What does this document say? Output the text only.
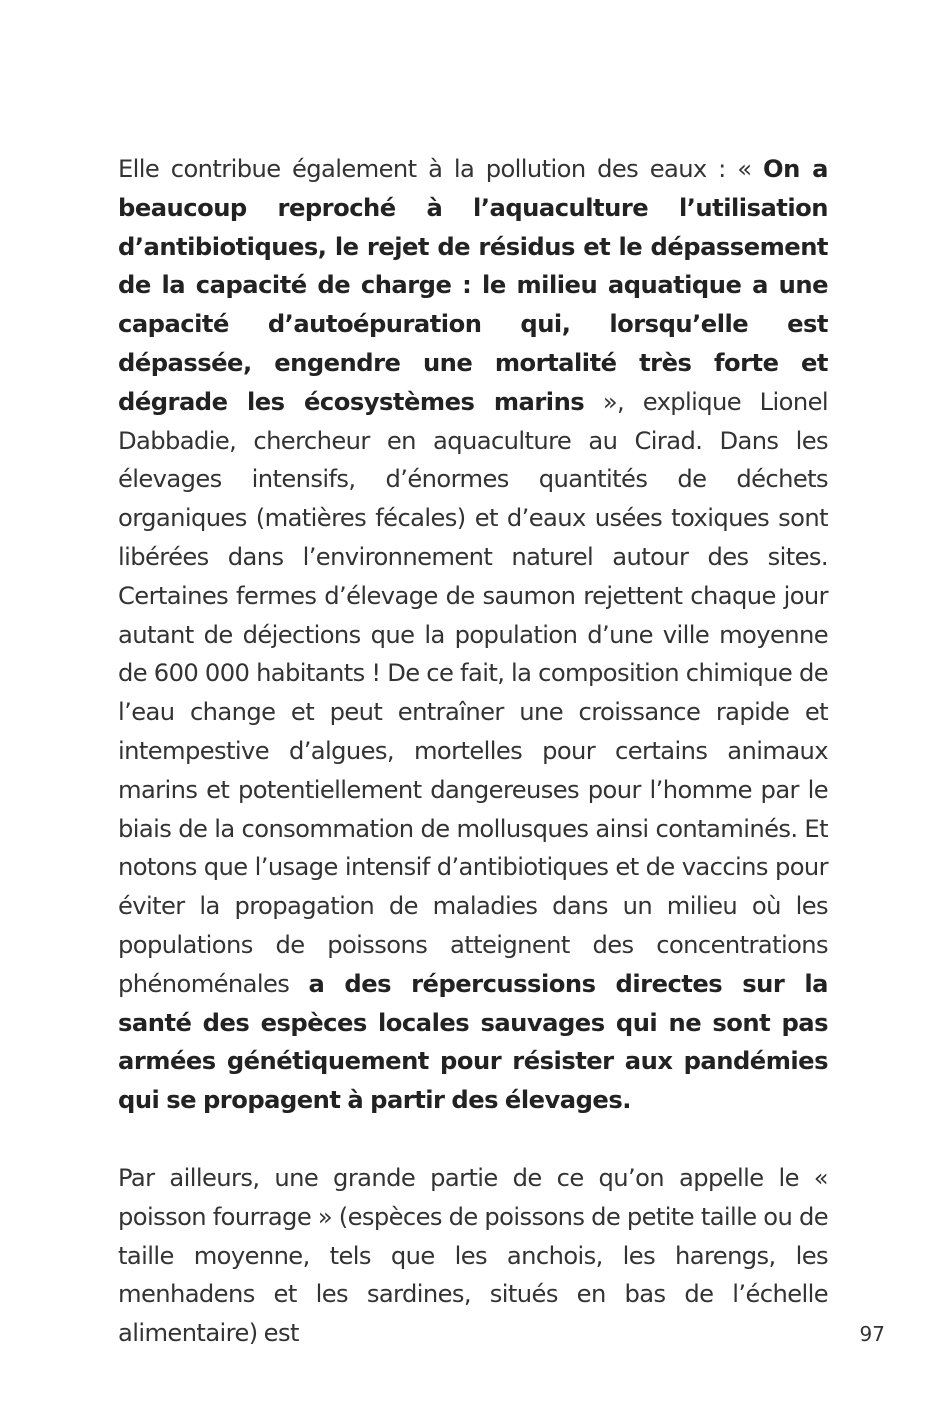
Elle contribue également à la pollution des eaux : « On a beaucoup reproché à l’aquaculture l’utilisation d’antibiotiques, le rejet de résidus et le dépassement de la capacité de charge : le milieu aquatique a une capacité d’autoépuration qui, lorsqu’elle est dépassée, engendre une mortalité très forte et dégrade les écosystèmes marins », explique Lionel Dabbadie, chercheur en aquaculture au Cirad. Dans les élevages intensifs, d’énormes quantités de déchets organiques (matières fécales) et d’eaux usées toxiques sont libérées dans l’environnement naturel autour des sites. Certaines fermes d’élevage de saumon rejettent chaque jour autant de déjections que la population d’une ville moyenne de 600 000 habitants ! De ce fait, la composition chimique de l’eau change et peut entraîner une croissance rapide et intempestive d’algues, mortelles pour certains animaux marins et potentiellement dangereuses pour l’homme par le biais de la consommation de mollusques ainsi contaminés. Et notons que l’usage intensif d’antibiotiques et de vaccins pour éviter la propagation de maladies dans un milieu où les populations de poissons atteignent des concentrations phénoménales a des répercussions directes sur la santé des espèces locales sauvages qui ne sont pas armées génétiquement pour résister aux pandémies qui se propagent à partir des élevages.

Par ailleurs, une grande partie de ce qu’on appelle le « poisson fourrage » (espèces de poissons de petite taille ou de taille moyenne, tels que les anchois, les harengs, les menhadens et les sardines, situés en bas de l’échelle alimentaire) est	97
